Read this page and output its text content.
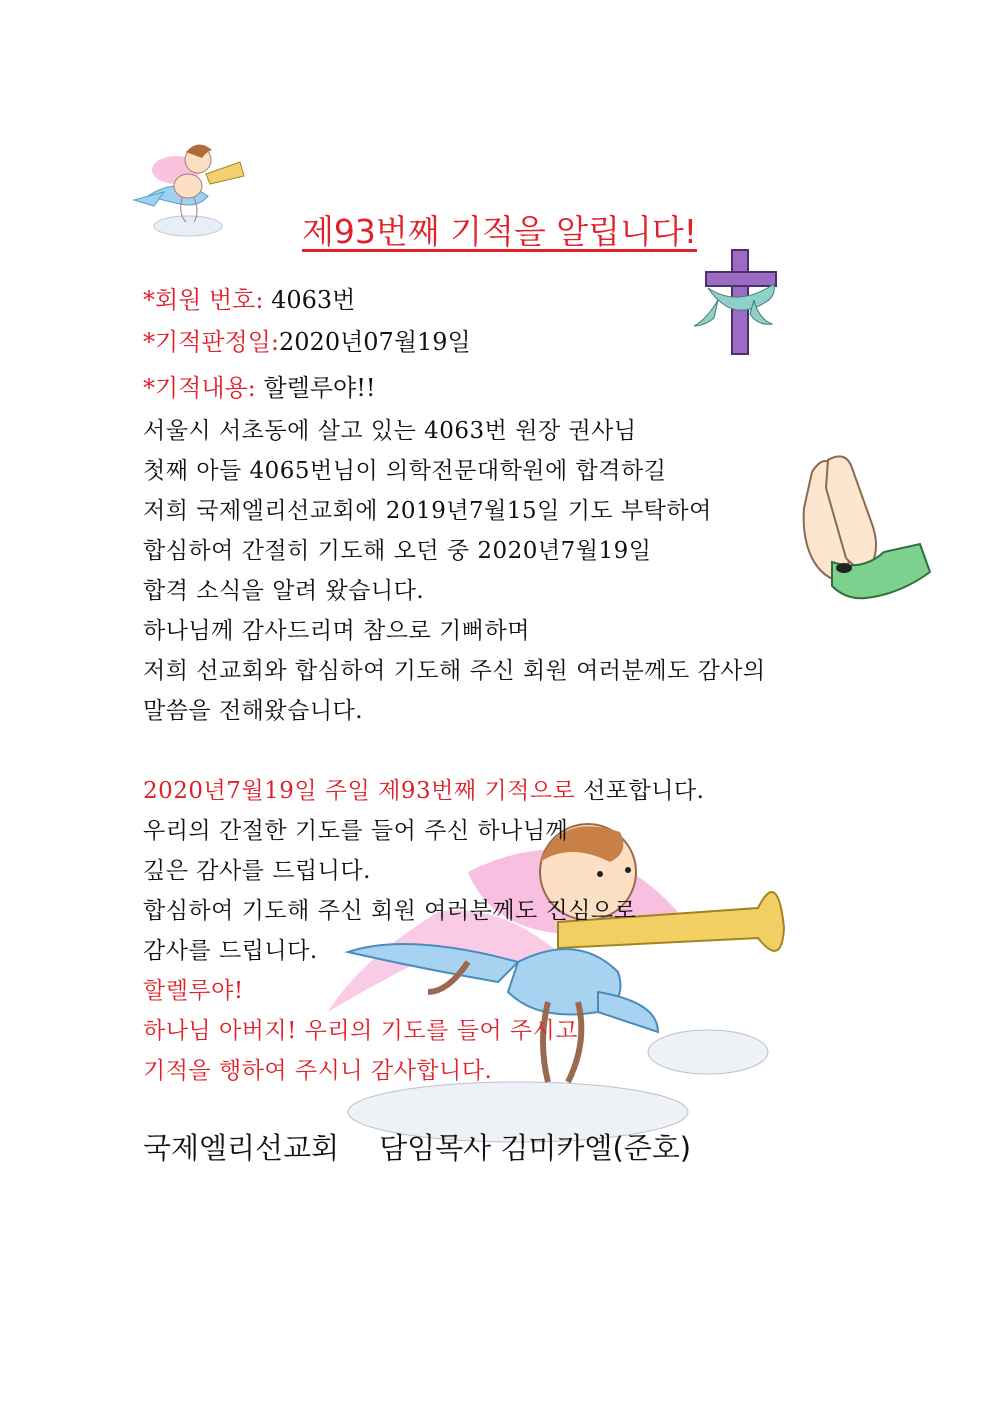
제93번째 기적을 알립니다!
*회원 번호: 4063번
*기적판정일:2020년07월19일
*기적내용: 할렐루야!!
서울시 서초동에 살고 있는 4063번 원장 권사님
첫째 아들 4065번님이 의학전문대학원에 합격하길
저희 국제엘리선교회에 2019년7월15일 기도 부탁하여
합심하여 간절히 기도해 오던 중 2020년7월19일
합격 소식을 알려 왔습니다.
하나님께 감사드리며 참으로 기뻐하며
저희 선교회와 합심하여 기도해 주신 회원 여러분께도 감사의
말씀을 전해왔습니다.
2020년7월19일 주일 제93번째 기적으로 선포합니다.
우리의 간절한 기도를 들어 주신 하나님께
깊은 감사를 드립니다.
합심하여 기도해 주신 회원 여러분께도 진심으로
감사를 드립니다.
할렐루야!
하나님 아버지! 우리의 기도를 들어 주시고
기적을 행하여 주시니 감사합니다.
국제엘리선교회 담임목사 김미카엘(준호)
